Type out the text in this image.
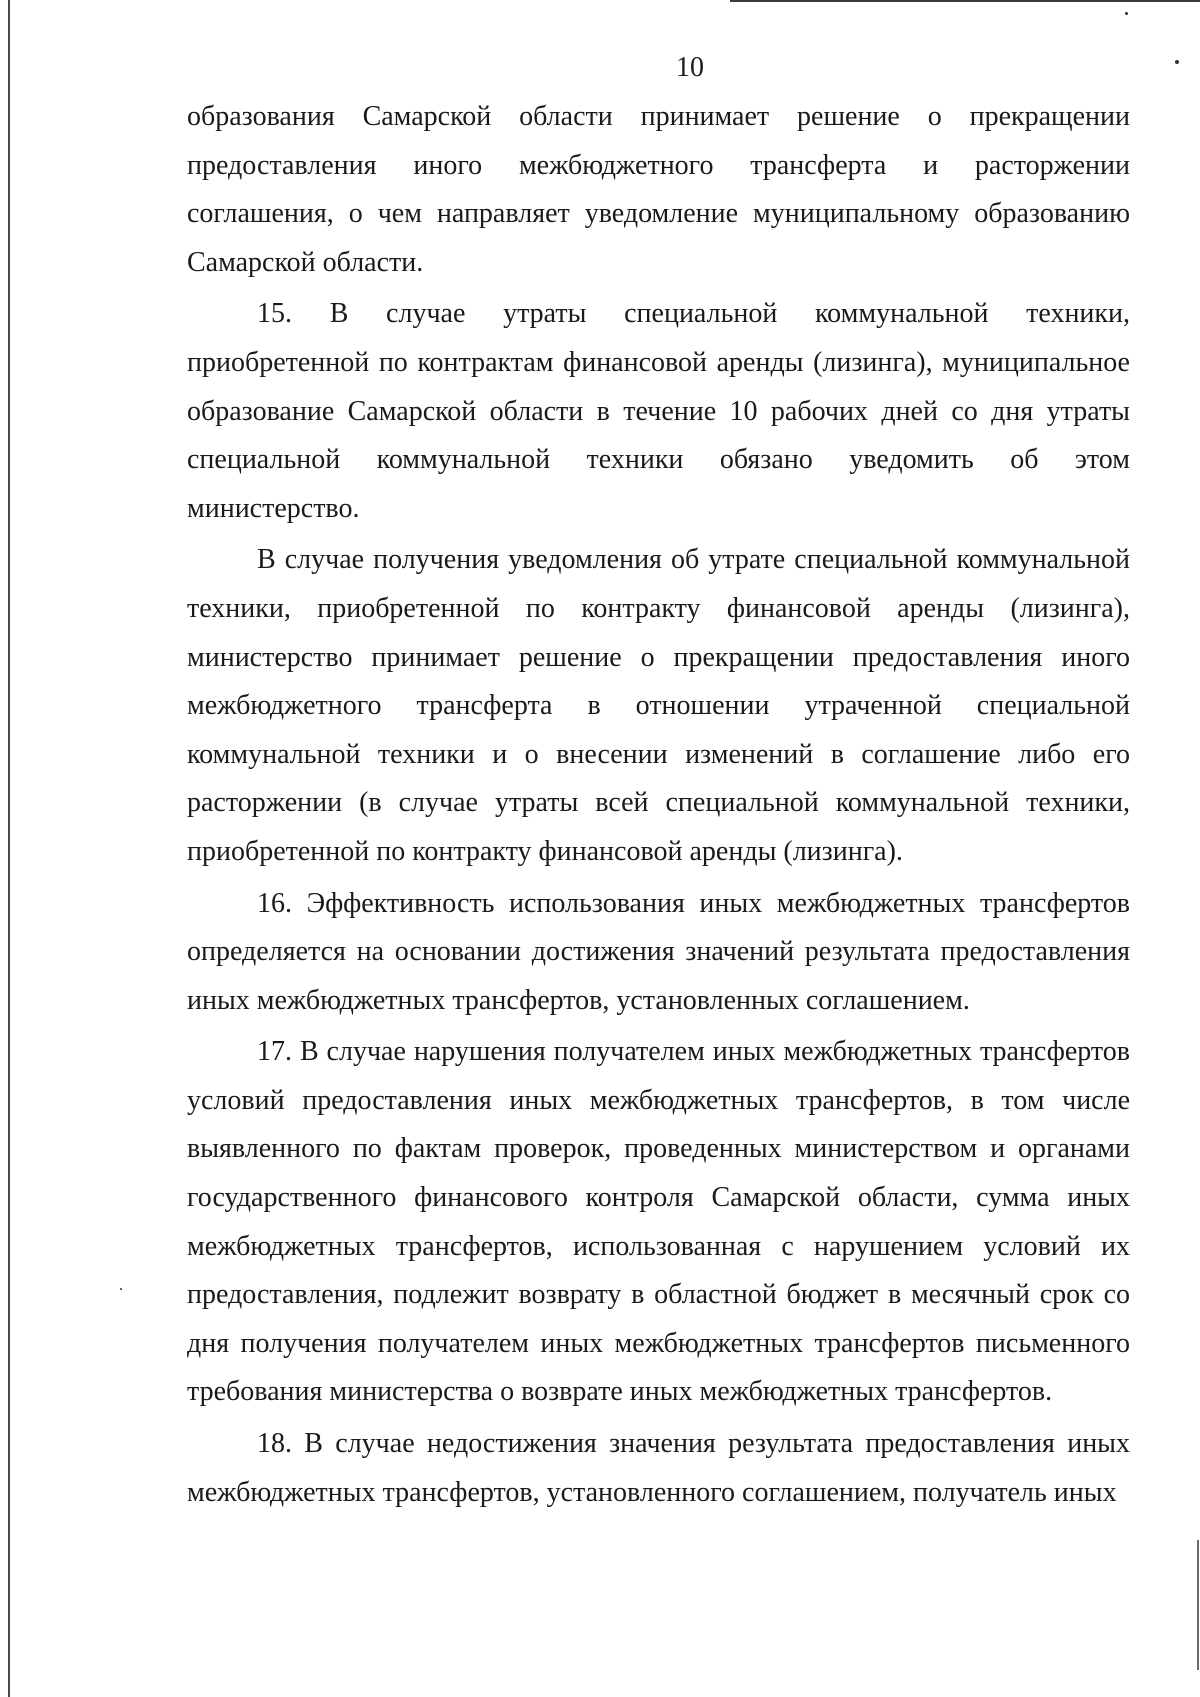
10

образования Самарской области принимает решение о прекращении предоставления иного межбюджетного трансферта и расторжении соглашения, о чем направляет уведомление муниципальному образованию Самарской области.

15. В случае утраты специальной коммунальной техники, приобретенной по контрактам финансовой аренды (лизинга), муниципальное образование Самарской области в течение 10 рабочих дней со дня утраты специальной коммунальной техники обязано уведомить об этом министерство.

В случае получения уведомления об утрате специальной коммунальной техники, приобретенной по контракту финансовой аренды (лизинга), министерство принимает решение о прекращении предоставления иного межбюджетного трансферта в отношении утраченной специальной коммунальной техники и о внесении изменений в соглашение либо его расторжении (в случае утраты всей специальной коммунальной техники, приобретенной по контракту финансовой аренды (лизинга).

16. Эффективность использования иных межбюджетных трансфертов определяется на основании достижения значений результата предоставления иных межбюджетных трансфертов, установленных соглашением.

17. В случае нарушения получателем иных межбюджетных трансфертов условий предоставления иных межбюджетных трансфертов, в том числе выявленного по фактам проверок, проведенных министерством и органами государственного финансового контроля Самарской области, сумма иных межбюджетных трансфертов, использованная с нарушением условий их предоставления, подлежит возврату в областной бюджет в месячный срок со дня получения получателем иных межбюджетных трансфертов письменного требования министерства о возврате иных межбюджетных трансфертов.

18. В случае недостижения значения результата предоставления иных межбюджетных трансфертов, установленного соглашением, получатель иных
